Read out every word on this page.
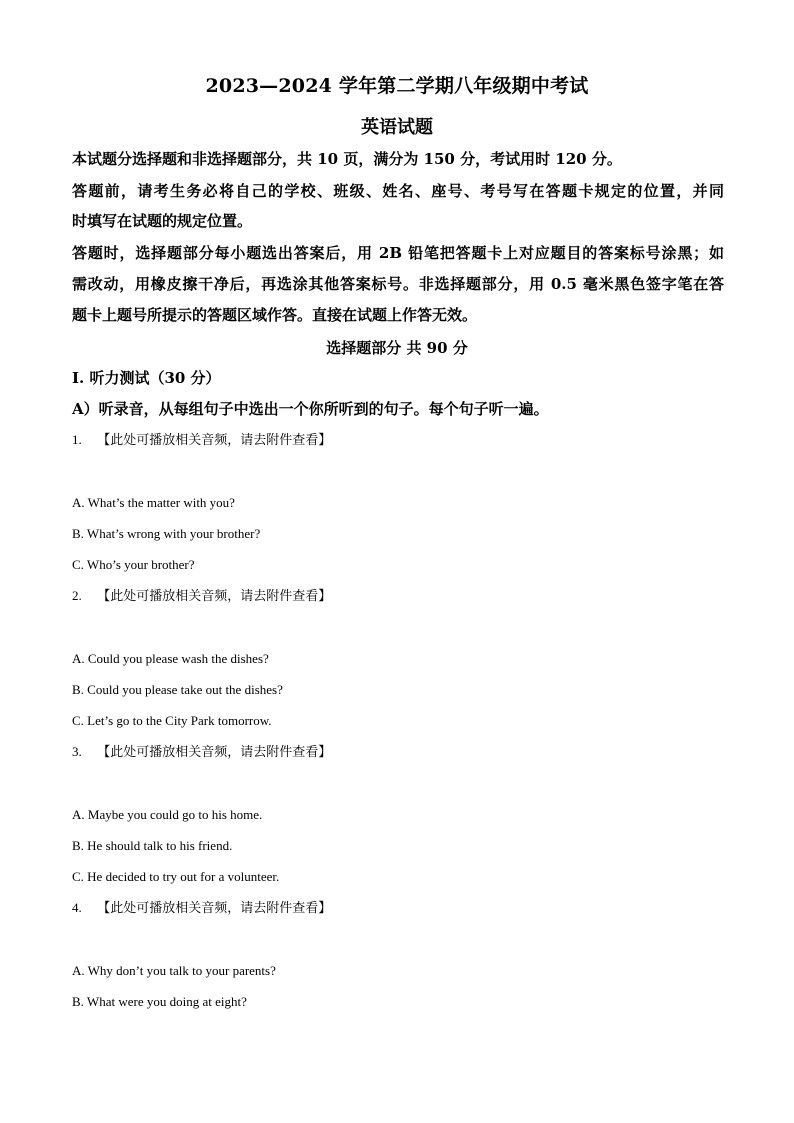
2023—2024 学年第二学期八年级期中考试
英语试题
本试题分选择题和非选择题部分，共 10 页，满分为 150 分，考试用时 120 分。
答题前，请考生务必将自己的学校、班级、姓名、座号、考号写在答题卡规定的位置，并同
时填写在试题的规定位置。
答题时，选择题部分每小题选出答案后，用 2B 铅笔把答题卡上对应题目的答案标号涂黑；如
需改动，用橡皮擦干净后，再选涂其他答案标号。非选择题部分，用 0.5 毫米黑色签字笔在答
题卡上题号所提示的答题区域作答。直接在试题上作答无效。
选择题部分 共 90 分
Ⅰ. 听力测试（30 分）
A）听录音，从每组句子中选出一个你所听到的句子。每个句子听一遍。
1. 【此处可播放相关音频，请去附件查看】
A. What’s the matter with you?
B. What’s wrong with your brother?
C. Who’s your brother?
2. 【此处可播放相关音频，请去附件查看】
A. Could you please wash the dishes?
B. Could you please take out the dishes?
C. Let’s go to the City Park tomorrow.
3. 【此处可播放相关音频，请去附件查看】
A. Maybe you could go to his home.
B. He should talk to his friend.
C. He decided to try out for a volunteer.
4. 【此处可播放相关音频，请去附件查看】
A. Why don’t you talk to your parents?
B. What were you doing at eight?
